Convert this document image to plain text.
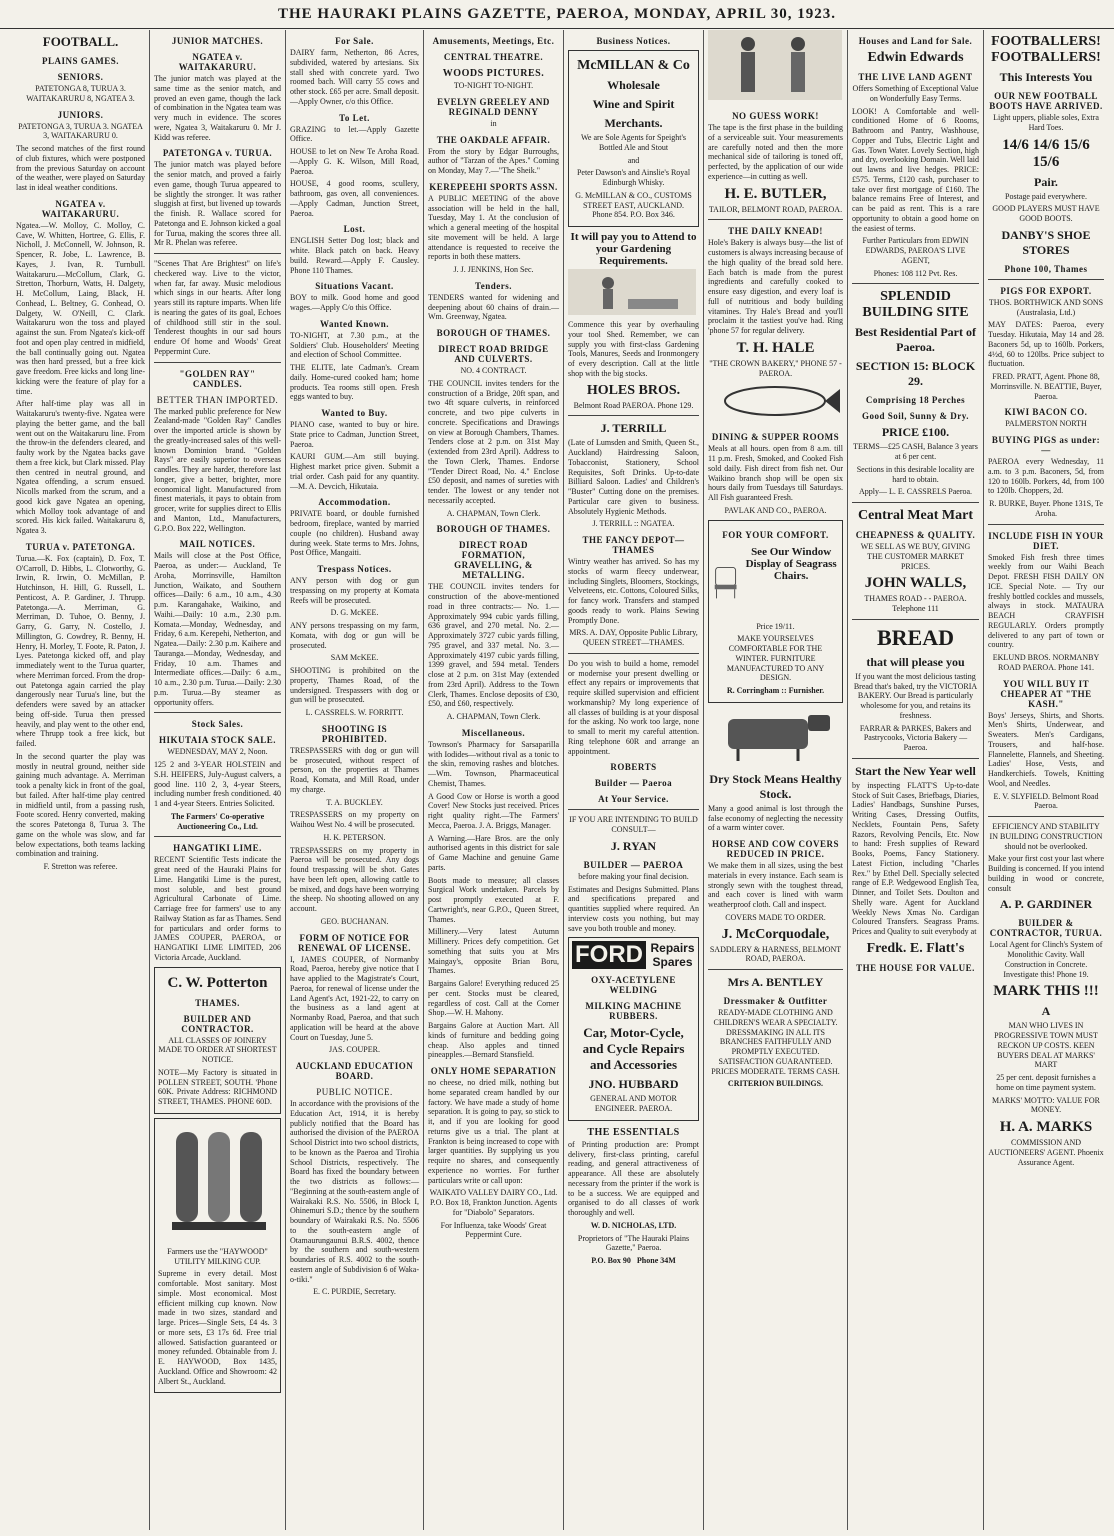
THE HAURAKI PLAINS GAZETTE, PAEROA, MONDAY, APRIL 30, 1923.
FOOTBALL.
PLAINS GAMES.
SENIORS.

PATETONGA 8, TURUA 3. WAITAKARURU 8, NGATEA 3.

JUNIORS.

PATETONGA 3, TURUA 3. NGATEA 3, WAITAKARURU 0.

The second matches of the first round of club fixtures, which were postponed from the previous Saturday on account of the weather, were played on Saturday last in ideal weather conditions.

NGATEA v. WAITAKARURU.

Ngatea.—W. Molloy, C. Molloy, C. Cave, W. Whitten, Hortree, G. Ellis, F. Nicholl, J. McConnell, W. Johnson, R. Spencer, R. Jobe, L. Lawrence, B. Kayes, J. Ivan, R. Turnbull. Waitakaruru.—McCollum, Clark, G. Stretton, Thorburn, Watts, H. Dalgety, H. McCollum, Laing, Black, H. Conhead, L. Beltney, G. Conhead, O. Dalgety, W. O'Neill, C. Clark. Waitakaruru won the toss and played against the sun. From Ngatea's kick-off foot and open play centred in midfield, the ball continually going out. Ngatea was then hard pressed, but a free kick gave freedom. Free kicks and long line-kicking were the feature of play for a time.

After half-time play was all in Waitakaruru's twenty-five. Ngatea were playing the better game, and the ball went out on the Waitakaruru line. From the throw-in the defenders cleared, and faulty work by the Ngatea backs gave them a free kick, but Clark missed. Play then centred in neutral ground, and Ngatea offending, a scrum ensued. Nicolls marked from the scrum, and a good kick gave Ngatea an opening, which Molloy took advantage of and scored. His kick failed. Waitakaruru 8, Ngatea 3.

TURUA v. PATETONGA.

Turua.—K. Fox (captain), D. Fox, T. O'Carroll, D. Hibbs, L. Clotworthy, G. Irwin, R. Irwin, O. McMillan, P. Hutchinson, H. Hill, G. Russell, L. Penticost, A. P. Gardiner, J. Thrupp. Patetonga.—A. Merriman, G. Merriman, D. Tuhoe, O. Benny, J. Garry, G. Garry, N. Costello, J. Millington, G. Cowdrey, R. Benny, H. Henry, H. Morley, T. Foote, R. Paton, J. Lyes. Patetonga kicked off, and play immediately went to the Turua quarter, where Merriman forced. From the drop-out Patetonga again carried the play dangerously near Turua's line, but the defenders were saved by an attacker being off-side. Turua then pressed heavily, and play went to the other end, where Thrupp took a free kick, but failed.

In the second quarter the play was mostly in neutral ground, neither side gaining much advantage. A. Merriman took a penalty kick in front of the goal, but failed. After half-time play centred in midfield until, from a passing rush, Foote scored. Henry converted, making the scores Patetonga 8, Turua 3. The game on the whole was slow, and far below expectations, both teams lacking combination and training.

F. Stretton was referee.

JUNIOR MATCHES.
NGATEA v. WAITAKARURU.

The junior match was played at the same time as the senior match, and proved an even game, though the lack of combination in the Ngatea team was very much in evidence. The scores were, Ngatea 3, Waitakaruru 0. Mr J. Kidd was referee.

PATETONGA v. TURUA.

The junior match was played before the senior match, and proved a fairly even game, though Turua appeared to be slightly the stronger. It was rather sluggish at first, but livened up towards the finish. R. Wallace scored for Patetonga and E. Johnson kicked a goal for Turua, making the scores three all. Mr R. Phelan was referee.

"Scenes That Are Brightest" on life's checkered way. Live to the victor, when far, far away. Music melodious which sings in our hearts. After long years still its rapture imparts. When life is nearing the gates of its goal, Echoes of childhood still stir in the soul. Tenderest thoughts in our sad hours endure Of home and Woods' Great Peppermint Cure.

"GOLDEN RAY" CANDLES.
BETTER THAN IMPORTED.

The marked public preference for New Zealand-made "Golden Ray" Candles over the imported article is shown by the greatly-increased sales of this well-known Dominion brand. "Golden Rays" are easily superior to overseas candles. They are harder, therefore last longer, give a better, brighter, more economical light. Manufactured from finest materials, it pays to obtain from grocer, write for supplies direct to Ellis and Manton, Ltd., Manufacturers, G.P.O. Box 222, Wellington.

MAIL NOTICES.

Mails will close at the Post Office, Paeroa, as under:— Auckland, Te Aroha, Morrinsville, Hamilton Junction, Waikato, and Southern offices—Daily: 6 a.m., 10 a.m., 4.30 p.m. Karangahake, Waikino, and Waihi.—Daily: 10 a.m., 2.30 p.m. Komata.—Monday, Wednesday, and Friday, 6 a.m. Kerepehi, Netherton, and Ngatea.—Daily: 2.30 p.m. Kaihere and Tauranga.—Monday, Wednesday, and Friday, 10 a.m. Thames and Intermediate offices.—Daily: 6 a.m., 10 a.m., 2.30 p.m. Turua.—Daily: 2.30 p.m. Turua.—By steamer as opportunity offers.

Stock Sales.
HIKUTAIA STOCK SALE.

WEDNESDAY, MAY 2, Noon.

125 2 and 3-YEAR HOLSTEIN and S.H. HEIFERS, July-August calvers, a good line. 110 2, 3, 4-year Steers, including number fresh conditioned. 40 1 and 4-year Steers. Entries Solicited.

The Farmers' Co-operative Auctioneering Co., Ltd.

HANGATIKI LIME.

RECENT Scientific Tests indicate the great need of the Hauraki Plains for Lime. Hangatiki Lime is the purest, most soluble, and best ground Agricultural Carbonate of Lime. Carriage free for farmers' use to any Railway Station as far as Thames. Send for particulars and order forms to JAMES COUPER, PAEROA, or HANGATIKI LIME LIMITED, 206 Victoria Arcade, Auckland.

C. W. Potterton
THAMES.
BUILDER AND CONTRACTOR.

ALL CLASSES OF JOINERY MADE TO ORDER AT SHORTEST NOTICE.

NOTE—My Factory is situated in POLLEN STREET, SOUTH. 'Phone 60K. Private Address: RICHMOND STREET, THAMES. PHONE 60D.

Farmers use the "HAYWOOD" UTILITY MILKING CUP.

Supreme in every detail. Most comfortable. Most sanitary. Most simple. Most economical. Most efficient milking cup known. Now made in two sizes, standard and large. Prices—Single Sets, £4 4s. 3 or more sets, £3 17s 6d. Free trial allowed. Satisfaction guaranteed or money refunded. Obtainable from J. E. HAYWOOD, Box 1435, Auckland. Office and Showroom: 42 Albert St., Auckland.

For Sale.

DAIRY farm, Netherton, 86 Acres, subdivided, watered by artesians. Six stall shed with concrete yard. Two roomed bach. Will carry 55 cows and other stock. £65 per acre. Small deposit.—Apply Owner, c/o this Office.

To Let.

GRAZING to let.—Apply Gazette Office.

HOUSE to let on New Te Aroha Road.—Apply G. K. Wilson, Mill Road, Paeroa.

HOUSE, 4 good rooms, scullery, bathroom, gas oven, all conveniences.—Apply Cadman, Junction Street, Paeroa.

Lost.

ENGLISH Setter Dog lost; black and white. Black patch on back. Heavy build. Reward.—Apply F. Causley. Phone 110 Thames.

Situations Vacant.

BOY to milk. Good home and good wages.—Apply C/o this Office.

Wanted Known.

TO-NIGHT, at 7.30 p.m., at the Soldiers' Club. Householders' Meeting and election of School Committee.

THE ELITE, late Cadman's. Cream daily. Home-cured cooked ham; home products. Tea rooms still open. Fresh eggs wanted to buy.

Wanted to Buy.

PIANO case, wanted to buy or hire. State price to Cadman, Junction Street, Paeroa.

KAURI GUM.—Am still buying. Highest market price given. Submit a trial order. Cash paid for any quantity.—M. A. Devcich, Hikutaia.

Accommodation.

PRIVATE board, or double furnished bedroom, fireplace, wanted by married couple (no children). Husband away during week. State terms to Mrs. Johns, Post Office, Mangaiti.

Trespass Notices.

ANY person with dog or gun trespassing on my property at Komata Reefs will be prosecuted.

D. G. McKEE.

ANY persons trespassing on my farm, Komata, with dog or gun will be prosecuted.

SAM McKEE.

SHOOTING is prohibited on the property, Thames Road, of the undersigned. Trespassers with dog or gun will be prosecuted.

L. CASSRELS. W. FORRITT.

SHOOTING IS PROHIBITED.

TRESPASSERS with dog or gun will be prosecuted, without respect of person, on the properties at Thames Road, Komata, and Mill Road, under my charge.

T. A. BUCKLEY.

TRESPASSERS on my property on Waihou West No. 4 will be prosecuted.

H. K. PETERSON.

TRESPASSERS on my property in Paeroa will be prosecuted. Any dogs found trespassing will be shot. Gates have been left open, allowing cattle to be mixed, and dogs have been worrying the sheep. No shooting allowed on any account.

GEO. BUCHANAN.

FORM OF NOTICE FOR RENEWAL OF LICENSE.

I, JAMES COUPER, of Normanby Road, Paeroa, hereby give notice that I have applied to the Magistrate's Court, Paeroa, for renewal of license under the Land Agent's Act, 1921-22, to carry on the business as a land agent at Normanby Road, Paeroa, and that such application will be heard at the above Court on Tuesday, June 5.

JAS. COUPER.

AUCKLAND EDUCATION BOARD.
PUBLIC NOTICE.

In accordance with the provisions of the Education Act, 1914, it is hereby publicly notified that the Board has authorised the division of the PAEROA School District into two school districts, to be known as the Paeroa and Tirohia School Districts, respectively. The Board has fixed the boundary between the two districts as follows:— "Beginning at the south-eastern angle of Wairakaki R.S. No. 5506, in Block I, Ohinemuri S.D.; thence by the southern boundary of Wairakaki R.S. No. 5506 to the south-eastern angle of Otamaurungaunui B.R.S. 4002, thence by the southern and south-western boundaries of R.S. 4002 to the south-eastern angle of Subdivision 6 of Waka-o-tiki."

E. C. PURDIE, Secretary.

Amusements, Meetings, Etc.
CENTRAL THEATRE.
WOODS PICTURES.

TO-NIGHT TO-NIGHT.

EVELYN GREELEY AND REGINALD DENNY

in

THE OAKDALE AFFAIR.

From the story by Edgar Burroughs, author of "Tarzan of the Apes." Coming on Monday, May 7.—"The Sheik."

KEREPEEHI SPORTS ASSN.

A PUBLIC MEETING of the above association will be held in the hall, Tuesday, May 1. At the conclusion of which a general meeting of the hospital site movement will be held. A large attendance is requested to receive the reports in both these matters.

J. J. JENKINS, Hon Sec.

Tenders.

TENDERS wanted for widening and deepening about 60 chains of drain.—Wm. Greenway, Ngatea.

BOROUGH OF THAMES.
DIRECT ROAD BRIDGE AND CULVERTS.

NO. 4 CONTRACT.

THE COUNCIL invites tenders for the construction of a Bridge, 20ft span, and two 4ft square culverts, in reinforced concrete, and two pipe culverts in concrete. Specifications and Drawings on view at Borough Chambers, Thames. Tenders close at 2 p.m. on 31st May (extended from 23rd April). Address to the Town Clerk, Thames. Endorse "Tender Direct Road, No. 4." Enclose £50 deposit, and names of sureties with tender. The lowest or any tender not necessarily accepted.

A. CHAPMAN, Town Clerk.

BOROUGH OF THAMES.
DIRECT ROAD FORMATION, GRAVELLING, & METALLING.

THE COUNCIL invites tenders for construction of the above-mentioned road in three contracts:— No. 1.—Approximately 994 cubic yards filling, 636 gravel, and 270 metal. No. 2.—Approximately 3727 cubic yards filling, 795 gravel, and 337 metal. No. 3.—Approximately 4197 cubic yards filling, 1399 gravel, and 594 metal. Tenders close at 2 p.m. on 31st May (extended from 23rd April). Address to the Town Clerk, Thames. Enclose deposits of £30, £50, and £60, respectively.

A. CHAPMAN, Town Clerk.

Miscellaneous.

Townson's Pharmacy for Sarsaparilla with Iodides—without rival as a tonic to the skin, removing rashes and blotches.—Wm. Townson, Pharmaceutical Chemist, Thames.

A Good Cow or Horse is worth a good Cover! New Stocks just received. Prices right quality right.—The Farmers' Mecca, Paeroa. J. A. Briggs, Manager.

A Warning.—Hare Bros. are the only authorised agents in this district for sale of Game Machine and genuine Game parts.

Boots made to measure; all classes Surgical Work undertaken. Parcels by post promptly executed at F. Cartwright's, near G.P.O., Queen Street, Thames.

Millinery.—Very latest Autumn Millinery. Prices defy competition. Get something that suits you at Mrs Maingay's, opposite Brian Boru, Thames.

Bargains Galore! Everything reduced 25 per cent. Stocks must be cleared, regardless of cost. Call at the Corner Shop.—W. H. Mahony.

Bargains Galore at Auction Mart. All kinds of furniture and bedding going cheap. Also apples and tinned pineapples.—Bernard Stansfield.

ONLY HOME SEPARATION

no cheese, no dried milk, nothing but home separated cream handled by our factory. We have made a study of home separation. It is going to pay, so stick to it, and if you are looking for good returns give us a trial. The plant at Frankton is being increased to cope with larger quantities. By supplying us you require no shares, and consequently experience no worries. For further particulars write or call upon:

WAIKATO VALLEY DAIRY CO., Ltd. P.O. Box 18, Frankton Junction. Agents for "Diabolo" Separators.

For Influenza, take Woods' Great Peppermint Cure.

Business Notices.
McMILLAN & Co
Wholesale
Wine and Spirit
Merchants.

We are Sole Agents for Speight's Bottled Ale and Stout

and

Peter Dawson's and Ainslie's Royal Edinburgh Whisky.

G. McMILLAN & CO., CUSTOMS STREET EAST, AUCKLAND. Phone 854. P.O. Box 346.

It will pay you to Attend to your Gardening Requirements.

Commence this year by overhauling your tool Shed. Remember, we can supply you with first-class Gardening Tools, Manures, Seeds and Ironmongery of every description. Call at the little shop with the big stocks.

HOLES BROS.

Belmont Road PAEROA. Phone 129.

J. TERRILL

(Late of Lumsden and Smith, Queen St., Auckland) Hairdressing Saloon, Tobacconist, Stationery, School Requisites, Soft Drinks. Up-to-date Billiard Saloon. Ladies' and Children's "Buster" Cutting done on the premises. Particular care given to business. Absolutely Hygienic Methods.

J. TERRILL :: NGATEA.

THE FANCY DEPOT—THAMES

Wintry weather has arrived. So has my stocks of warm fleecy underwear, including Singlets, Bloomers, Stockings, Velveteens, etc. Cottons, Coloured Silks, for fancy work. Transfers and stamped goods ready to work. Plains Sewing Promptly Done.

MRS. A. DAY, Opposite Public Library, QUEEN STREET—THAMES.

Do you wish to build a home, remodel or modernise your present dwelling or effect any repairs or improvements that require skilled supervision and efficient workmanship? My long experience of all classes of building is at your disposal for the asking. No work too large, none to small to merit my careful attention. Ring telephone 60R and arrange an appointment.

ROBERTS
Builder — Paeroa
At Your Service.

IF YOU ARE INTENDING TO BUILD CONSULT—

J. RYAN
BUILDER — PAEROA

before making your final decision.

Estimates and Designs Submitted. Plans and specifications prepared and quantities supplied where required. An interview costs you nothing, but may save you both trouble and money.

FORD Repairs Spares
OXY-ACETYLENE WELDING
MILKING MACHINE RUBBERS.
Car, Motor-Cycle, and Cycle Repairs and Accessories
JNO. HUBBARD

GENERAL AND MOTOR ENGINEER. PAEROA.

THE ESSENTIALS

of Printing production are: Prompt delivery, first-class printing, careful reading, and general attractiveness of appearance. All these are absolutely necessary from the printer if the work is to be a success. We are equipped and organised to do all classes of work thoroughly and well.

W. D. NICHOLAS, LTD.

Proprietors of "The Hauraki Plains Gazette," Paeroa.

P.O. Box 90 Phone 34M

NO GUESS WORK!

The tape is the first phase in the building of a serviceable suit. Your measurements are carefully noted and then the more mechanical side of tailoring is toned off, perfected, by the application of our wide experience—in cutting as well.

H. E. BUTLER,

TAILOR, BELMONT ROAD, PAEROA.

THE DAILY KNEAD!

Hole's Bakery is always busy—the list of customers is always increasing because of the high quality of the bread sold here. Each batch is made from the purest ingredients and carefully cooked to ensure easy digestion, and every loaf is full of nutritious and body building vitamines. Try Hale's Bread and you'll proclaim it the tastiest you've had. Ring 'phone 57 for regular delivery.

T. H. HALE

"THE CROWN BAKERY," PHONE 57 - PAEROA.

DINING & SUPPER ROOMS

Meals at all hours. open from 8 a.m. till 11 p.m. Fresh, Smoked, and Cooked Fish sold daily. Fish direct from fish net. Our Waikino branch shop will be open six hours daily from Tuesdays till Saturdays. All Fish guaranteed Fresh.

PAVLAK AND CO., PAEROA.

FOR YOUR COMFORT.
See Our Window Display of Seagrass Chairs.

Price 19/11.

MAKE YOURSELVES COMFORTABLE FOR THE WINTER. FURNITURE MANUFACTURED TO ANY DESIGN.

R. Corringham :: Furnisher.

Dry Stock Means Healthy Stock.

Many a good animal is lost through the false economy of neglecting the necessity of a warm winter cover.

HORSE AND COW COVERS REDUCED IN PRICE.

We make them in all sizes, using the best materials in every instance. Each seam is strongly sewn with the toughest thread, and each cover is lined with warm weatherproof cloth. Call and inspect.

COVERS MADE TO ORDER.

J. McCorquodale,

SADDLERY & HARNESS, BELMONT ROAD, PAEROA.

Mrs A. BENTLEY
Dressmaker & Outfitter

READY-MADE CLOTHING AND CHILDREN'S WEAR A SPECIALTY. DRESSMAKING IN ALL ITS BRANCHES FAITHFULLY AND PROMPTLY EXECUTED. SATISFACTION GUARANTEED. PRICES MODERATE. TERMS CASH.

CRITERION BUILDINGS.

Houses and Land for Sale.
Edwin Edwards
THE LIVE LAND AGENT

Offers Something of Exceptional Value on Wonderfully Easy Terms.

LOOK! A Comfortable and well-conditioned Home of 6 Rooms, Bathroom and Pantry, Washhouse, Copper and Tubs, Electric Light and Gas. Town Water. Lovely Section, high and dry, overlooking Domain. Well laid out lawns and live hedges. PRICE: £575. Terms, £120 cash, purchaser to take over first mortgage of £160. The balance remains Free of Interest, and can be paid as rent. This is a rare opportunity to obtain a good home on the easiest of terms.

Further Particulars from EDWIN EDWARDS, PAEROA'S LIVE AGENT,

Phones: 108 112 Pvt. Res.

SPLENDID BUILDING SITE
Best Residential Part of Paeroa.
SECTION 15: BLOCK 29.
Comprising 18 Perches
Good Soil, Sunny & Dry.
PRICE £100.

TERMS—£25 CASH, Balance 3 years at 6 per cent.

Sections in this desirable locality are hard to obtain.

Apply— L. E. CASSRELS Paeroa.

Central Meat Mart
CHEAPNESS & QUALITY.

WE SELL AS WE BUY, GIVING THE CUSTOMER MARKET PRICES.

JOHN WALLS,

THAMES ROAD - - PAEROA. Telephone 111

BREAD
that will please you

If you want the most delicious tasting Bread that's baked, try the VICTORIA BAKERY. Our Bread is particularly wholesome for you, and retains its freshness.

FARRAR & PARKES, Bakers and Pastrycooks, Victoria Bakery — Paeroa.

Start the New Year well

by inspecting FLATT'S Up-to-date Stock of Suit Cases, Briefbags, Diaries, Ladies' Handbags, Sunshine Purses, Writing Cases, Dressing Outfits, Necklets, Fountain Pens, Safety Razors, Revolving Pencils, Etc. Now to hand: Fresh supplies of Reward Books, Poems, Fancy Stationery. Latest Fiction, including "Charles Rex." by Ethel Dell. Specially selected range of E.P. Wedgewood English Tea, Dinner, and Toilet Sets. Doulton and Shelly ware. Agent for Auckland Weekly News Xmas No. Cardigan Coloured Transfers. Seagrass Prams. Prices and Quality to suit everybody at

Fredk. E. Flatt's
THE HOUSE FOR VALUE.
FOOTBALLERS! FOOTBALLERS!
This Interests You
OUR NEW FOOTBALL BOOTS HAVE ARRIVED.

Light uppers, pliable soles, Extra Hard Toes.

14/6 14/6 15/6 15/6
Pair.

Postage paid everywhere.

GOOD PLAYERS MUST HAVE GOOD BOOTS.

DANBY'S SHOE STORES
Phone 100, Thames
PIGS FOR EXPORT.

THOS. BORTHWICK AND SONS (Australasia, Ltd.)

MAY DATES: Paeroa, every Tuesday. Hikutaia, May 14 and 28. Baconers 5d, up to 160lb. Porkers, 4½d, 60 to 120lbs. Price subject to fluctuation.

FRED. PRATT, Agent. Phone 88, Morrinsville. N. BEATTIE, Buyer, Paeroa.

KIWI BACON CO.

PALMERSTON NORTH

BUYING PIGS as under:—

PAEROA every Wednesday, 11 a.m. to 3 p.m. Baconers, 5d, from 120 to 160lb. Porkers, 4d, from 100 to 120lb. Choppers, 2d.

R. BURKE, Buyer. Phone 131S, Te Aroha.

INCLUDE FISH IN YOUR DIET.

Smoked Fish fresh three times weekly from our Waihi Beach Depot. FRESH FISH DAILY ON ICE. Special Note. — Try our freshly bottled cockles and mussels, always in stock. MATAURA BEACH CRAYFISH REGULARLY. Orders promptly delivered to any part of town or country.

EKLUND BROS. NORMANBY ROAD PAEROA. Phone 141.

YOU WILL BUY IT CHEAPER AT "THE KASH."

Boys' Jerseys, Shirts, and Shorts. Men's Shirts, Underwear, and Sweaters. Men's Cardigans, Trousers, and half-hose. Flannelette, Flannels, and Sheeting. Ladies' Hose, Vests, and Handkerchiefs. Towels, Knitting Wool, and Needles.

E. V. SLYFIELD. Belmont Road Paeroa.

EFFICIENCY AND STABILITY IN BUILDING CONSTRUCTION should not be overlooked.

Make your first cost your last where Building is concerned. If you intend building in wood or concrete, consult

A. P. GARDINER
BUILDER & CONTRACTOR, TURUA.

Local Agent for Clinch's System of Monolithic Cavity. Wall Construction in Concrete. Investigate this! Phone 19.

MARK THIS !!!
A

MAN WHO LIVES IN PROGRESSIVE TOWN MUST RECKON UP COSTS. KEEN BUYERS DEAL AT MARKS' MART

25 per cent. deposit furnishes a home on time payment system.

MARKS' MOTTO: VALUE FOR MONEY.

H. A. MARKS

COMMISSION AND AUCTIONEERS' AGENT. Phoenix Assurance Agent.
